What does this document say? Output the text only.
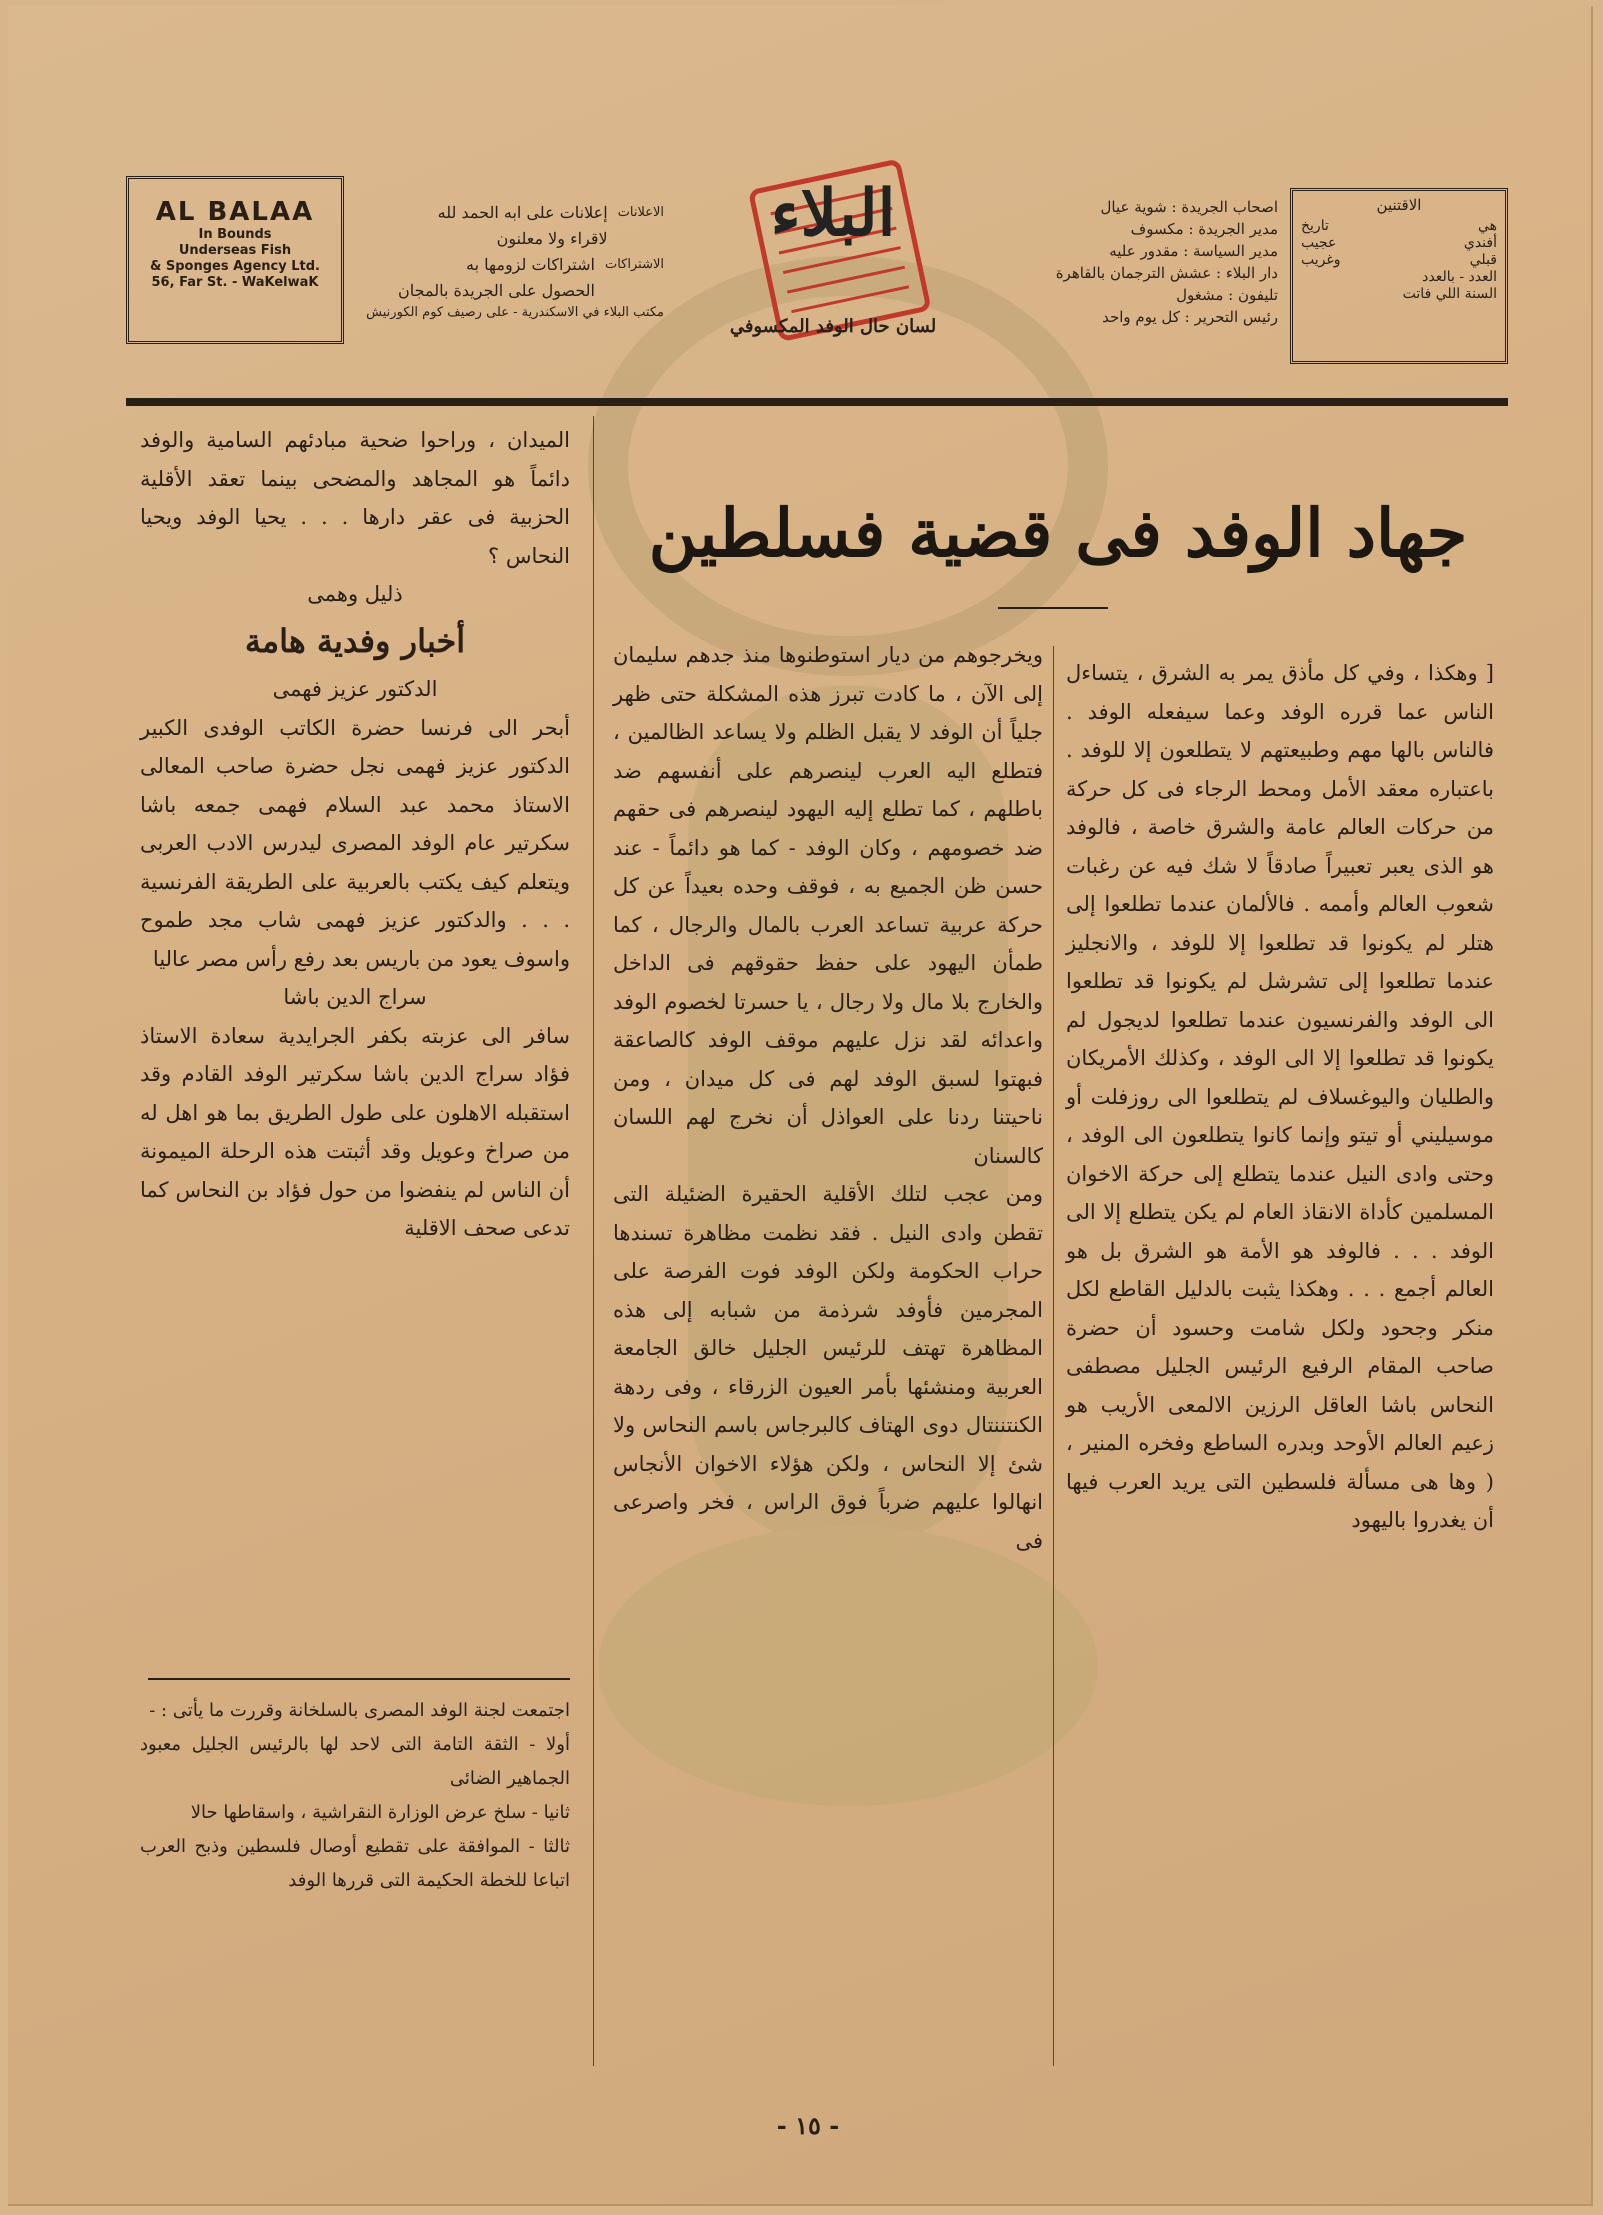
AL BALAA
In Bounds
Underseas Fish
& Sponges Agency Ltd.
56, Far St. - WaKelwaK
الاعلانات
إعلانات على ابه الحمد لله
لاقراء ولا معلنون
الاشتراكات
اشتراكات لزومها به
الحصول على الجريدة بالمجان
مكتب البلاء في الاسكندرية - على رصيف كوم الكورنيش
البلاء
لسان حال الوفد المكسوفي
اصحاب الجريدة : شوية عيال
مدير الجريدة : مكسوف
مدير السياسة : مقدور عليه
دار البلاء : عشش الترجمان بالقاهرة
تليفون : مشغول
رئيس التحرير : كل يوم واحد
الاقتنين
هي
تاريخ
أفندي
عجيب
قبلي
وغريب
العدد - بالعدد
السنة اللي فاتت
جهاد الوفد فى قضية فسلطين

[ وهكذا ، وفي كل مأذق يمر به الشرق ، يتساءل الناس عما قرره الوفد وعما سيفعله الوفد . فالناس بالها مهم وطبيعتهم لا يتطلعون إلا للوفد . باعتباره معقد الأمل ومحط الرجاء فى كل حركة من حركات العالم عامة والشرق خاصة ، فالوفد هو الذى يعبر تعبيراً صادقاً لا شك فيه عن رغبات شعوب العالم وأممه . فالألمان عندما تطلعوا إلى هتلر لم يكونوا قد تطلعوا إلا للوفد ، والانجليز عندما تطلعوا إلى تشرشل لم يكونوا قد تطلعوا الى الوفد والفرنسيون عندما تطلعوا لديجول لم يكونوا قد تطلعوا إلا الى الوفد ، وكذلك الأمريكان والطليان واليوغسلاف لم يتطلعوا الى روزفلت أو موسيليني أو تيتو وإنما كانوا يتطلعون الى الوفد ، وحتى وادى النيل عندما يتطلع إلى حركة الاخوان المسلمين كأداة الانقاذ العام لم يكن يتطلع إلا الى الوفد . . . فالوفد هو الأمة هو الشرق بل هو العالم أجمع . . . وهكذا يثبت بالدليل القاطع لكل منكر وجحود ولكل شامت وحسود أن حضرة صاحب المقام الرفيع الرئيس الجليل مصطفى النحاس باشا العاقل الرزين الالمعى الأريب هو زعيم العالم الأوحد وبدره الساطع وفخره المنير ، ( وها هى مسألة فلسطين التى يريد العرب فيها أن يغدروا باليهود

ويخرجوهم من ديار استوطنوها منذ جدهم سليمان إلى الآن ، ما كادت تبرز هذه المشكلة حتى ظهر جلياً أن الوفد لا يقبل الظلم ولا يساعد الظالمين ، فتطلع اليه العرب لينصرهم على أنفسهم ضد باطلهم ، كما تطلع إليه اليهود لينصرهم فى حقهم ضد خصومهم ، وكان الوفد - كما هو دائماً - عند حسن ظن الجميع به ، فوقف وحده بعيداً عن كل حركة عربية تساعد العرب بالمال والرجال ، كما طمأن اليهود على حفظ حقوقهم فى الداخل والخارج بلا مال ولا رجال ، يا حسرتا لخصوم الوفد واعدائه لقد نزل عليهم موقف الوفد كالصاعقة فبهتوا لسبق الوفد لهم فى كل ميدان ، ومن ناحيتنا ردنا على العواذل أن نخرج لهم اللسان كالسنان

ومن عجب لتلك الأقلية الحقيرة الضئيلة التى تقطن وادى النيل . فقد نظمت مظاهرة تسندها حراب الحكومة ولكن الوفد فوت الفرصة على المجرمين فأوفد شرذمة من شبابه إلى هذه المظاهرة تهتف للرئيس الجليل خالق الجامعة العربية ومنشئها بأمر العيون الزرقاء ، وفى ردهة الكنتننتال دوى الهتاف كالبرجاس باسم النحاس ولا شئ إلا النحاس ، ولكن هؤلاء الاخوان الأنجاس انهالوا عليهم ضرباً فوق الراس ، فخر واصرعى فى

الميدان ، وراحوا ضحية مبادئهم السامية والوفد دائماً هو المجاهد والمضحى بينما تعقد الأقلية الحزبية فى عقر دارها . . . يحيا الوفد ويحيا النحاس ؟

ذليل وهمى

أخبار وفدية هامة

الدكتور عزيز فهمى

أبحر الى فرنسا حضرة الكاتب الوفدى الكبير الدكتور عزيز فهمى نجل حضرة صاحب المعالى الاستاذ محمد عبد السلام فهمى جمعه باشا سكرتير عام الوفد المصرى ليدرس الادب العربى ويتعلم كيف يكتب بالعربية على الطريقة الفرنسية . . . والدكتور عزيز فهمى شاب مجد طموح واسوف يعود من باريس بعد رفع رأس مصر عاليا

سراج الدين باشا

سافر الى عزبته بكفر الجرايدية سعادة الاستاذ فؤاد سراج الدين باشا سكرتير الوفد القادم وقد استقبله الاهلون على طول الطريق بما هو اهل له من صراخ وعويل وقد أثبتت هذه الرحلة الميمونة أن الناس لم ينفضوا من حول فؤاد بن النحاس كما تدعى صحف الاقلية

اجتمعت لجنة الوفد المصرى بالسلخانة وقررت ما يأتى : -

أولا - الثقة التامة التى لاحد لها بالرئيس الجليل معبود الجماهير الضائى

ثانيا - سلخ عرض الوزارة النقراشية ، واسقاطها حالا

ثالثا - الموافقة على تقطيع أوصال فلسطين وذبح العرب اتباعا للخطة الحكيمة التى قررها الوفد

- ١٥ -
